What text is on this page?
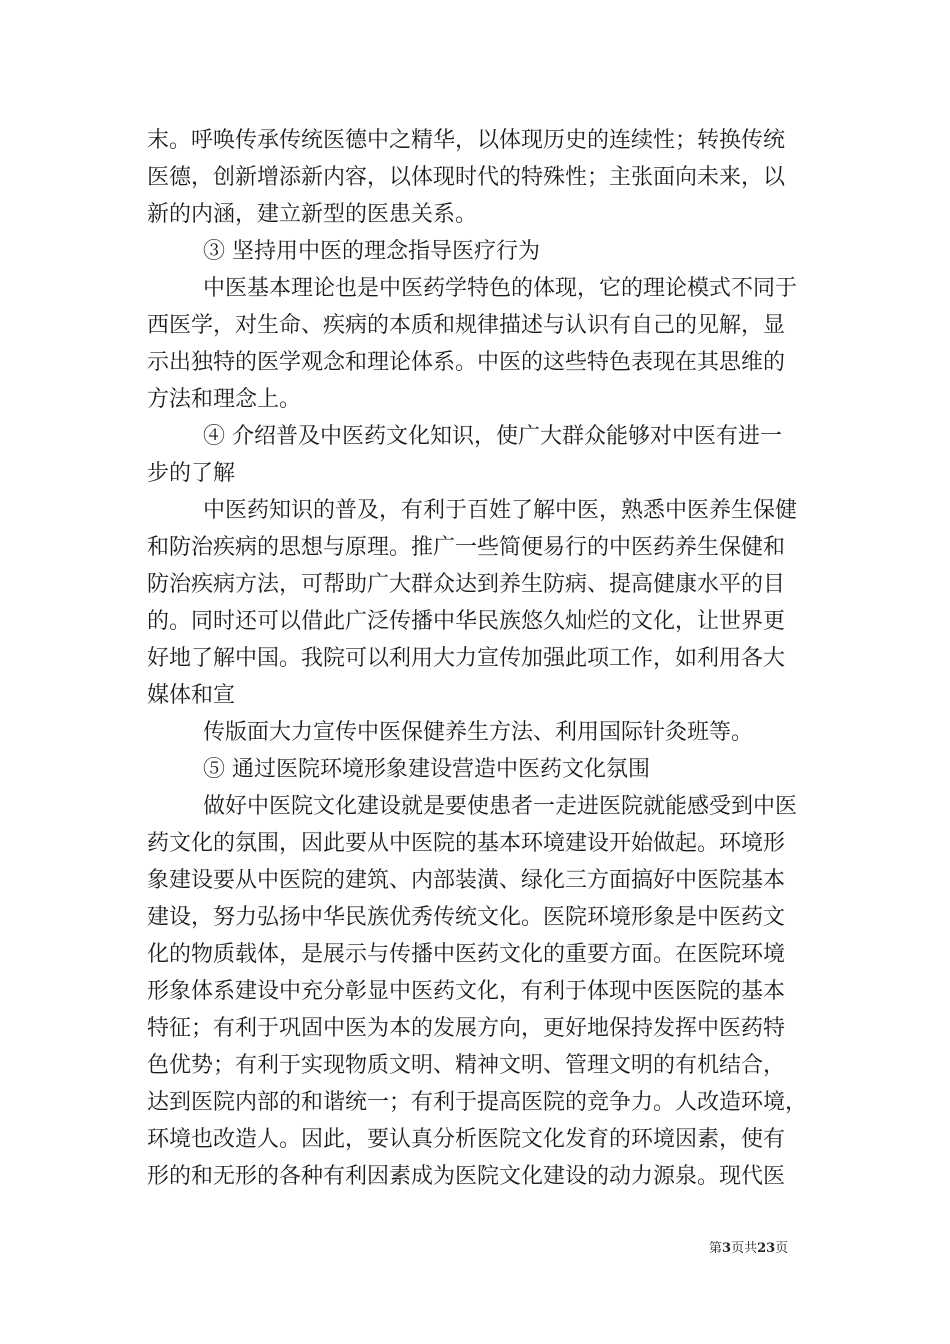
末。呼唤传承传统医德中之精华，以体现历史的连续性；转换传统
医德，创新增添新内容，以体现时代的特殊性；主张面向未来，以
新的内涵，建立新型的医患关系。
③ 坚持用中医的理念指导医疗行为
中医基本理论也是中医药学特色的体现，它的理论模式不同于
西医学，对生命、疾病的本质和规律描述与认识有自己的见解，显
示出独特的医学观念和理论体系。中医的这些特色表现在其思维的
方法和理念上。
④ 介绍普及中医药文化知识，使广大群众能够对中医有进一
步的了解
中医药知识的普及，有利于百姓了解中医，熟悉中医养生保健
和防治疾病的思想与原理。推广一些简便易行的中医药养生保健和
防治疾病方法，可帮助广大群众达到养生防病、提高健康水平的目
的。同时还可以借此广泛传播中华民族悠久灿烂的文化，让世界更
好地了解中国。我院可以利用大力宣传加强此项工作，如利用各大
媒体和宣
传版面大力宣传中医保健养生方法、利用国际针灸班等。
⑤ 通过医院环境形象建设营造中医药文化氛围
做好中医院文化建设就是要使患者一走进医院就能感受到中医
药文化的氛围，因此要从中医院的基本环境建设开始做起。环境形
象建设要从中医院的建筑、内部装潢、绿化三方面搞好中医院基本
建设，努力弘扬中华民族优秀传统文化。医院环境形象是中医药文
化的物质载体，是展示与传播中医药文化的重要方面。在医院环境
形象体系建设中充分彰显中医药文化，有利于体现中医医院的基本
特征；有利于巩固中医为本的发展方向，更好地保持发挥中医药特
色优势；有利于实现物质文明、精神文明、管理文明的有机结合，
达到医院内部的和谐统一；有利于提高医院的竞争力。人改造环境，
环境也改造人。因此，要认真分析医院文化发育的环境因素，使有
形的和无形的各种有利因素成为医院文化建设的动力源泉。现代医
第3页共23页
